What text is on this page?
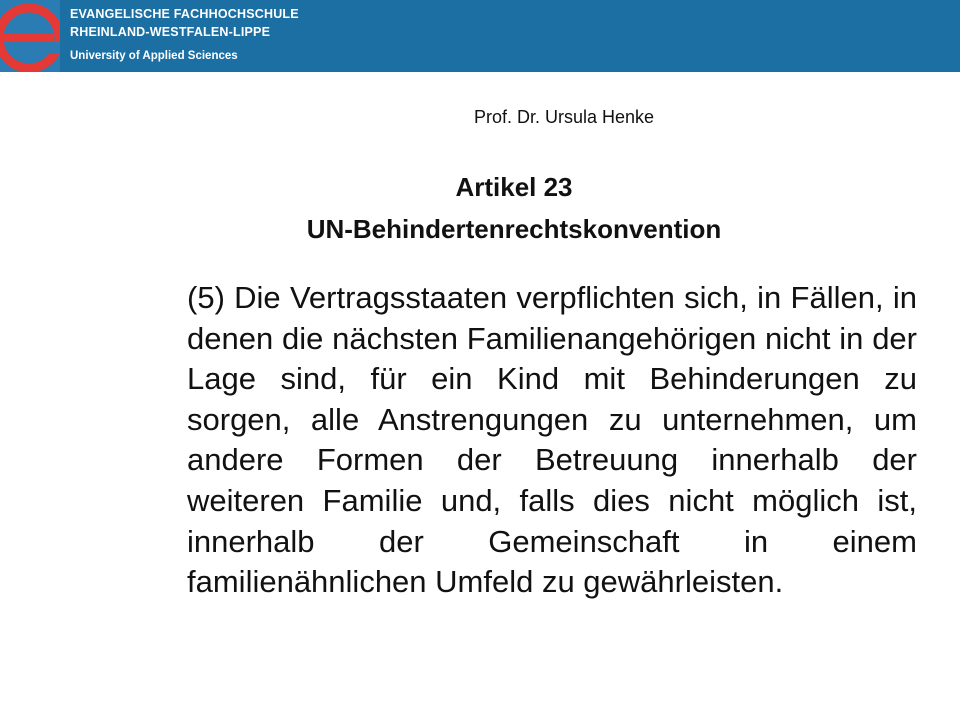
EVANGELISCHE FACHHOCHSCHULE
RHEINLAND-WESTFALEN-LIPPE
University of Applied Sciences
Prof. Dr. Ursula Henke
Artikel 23
UN-Behindertenrechtskonvention
(5) Die Vertragsstaaten verpflichten sich, in Fällen, in denen die nächsten Familienangehörigen nicht in der Lage sind, für ein Kind mit Behinderungen zu sorgen, alle Anstrengungen zu unternehmen, um andere Formen der Betreuung innerhalb der weiteren Familie und, falls dies nicht möglich ist, innerhalb der Gemeinschaft in einem familienähnlichen Umfeld zu gewährleisten.
